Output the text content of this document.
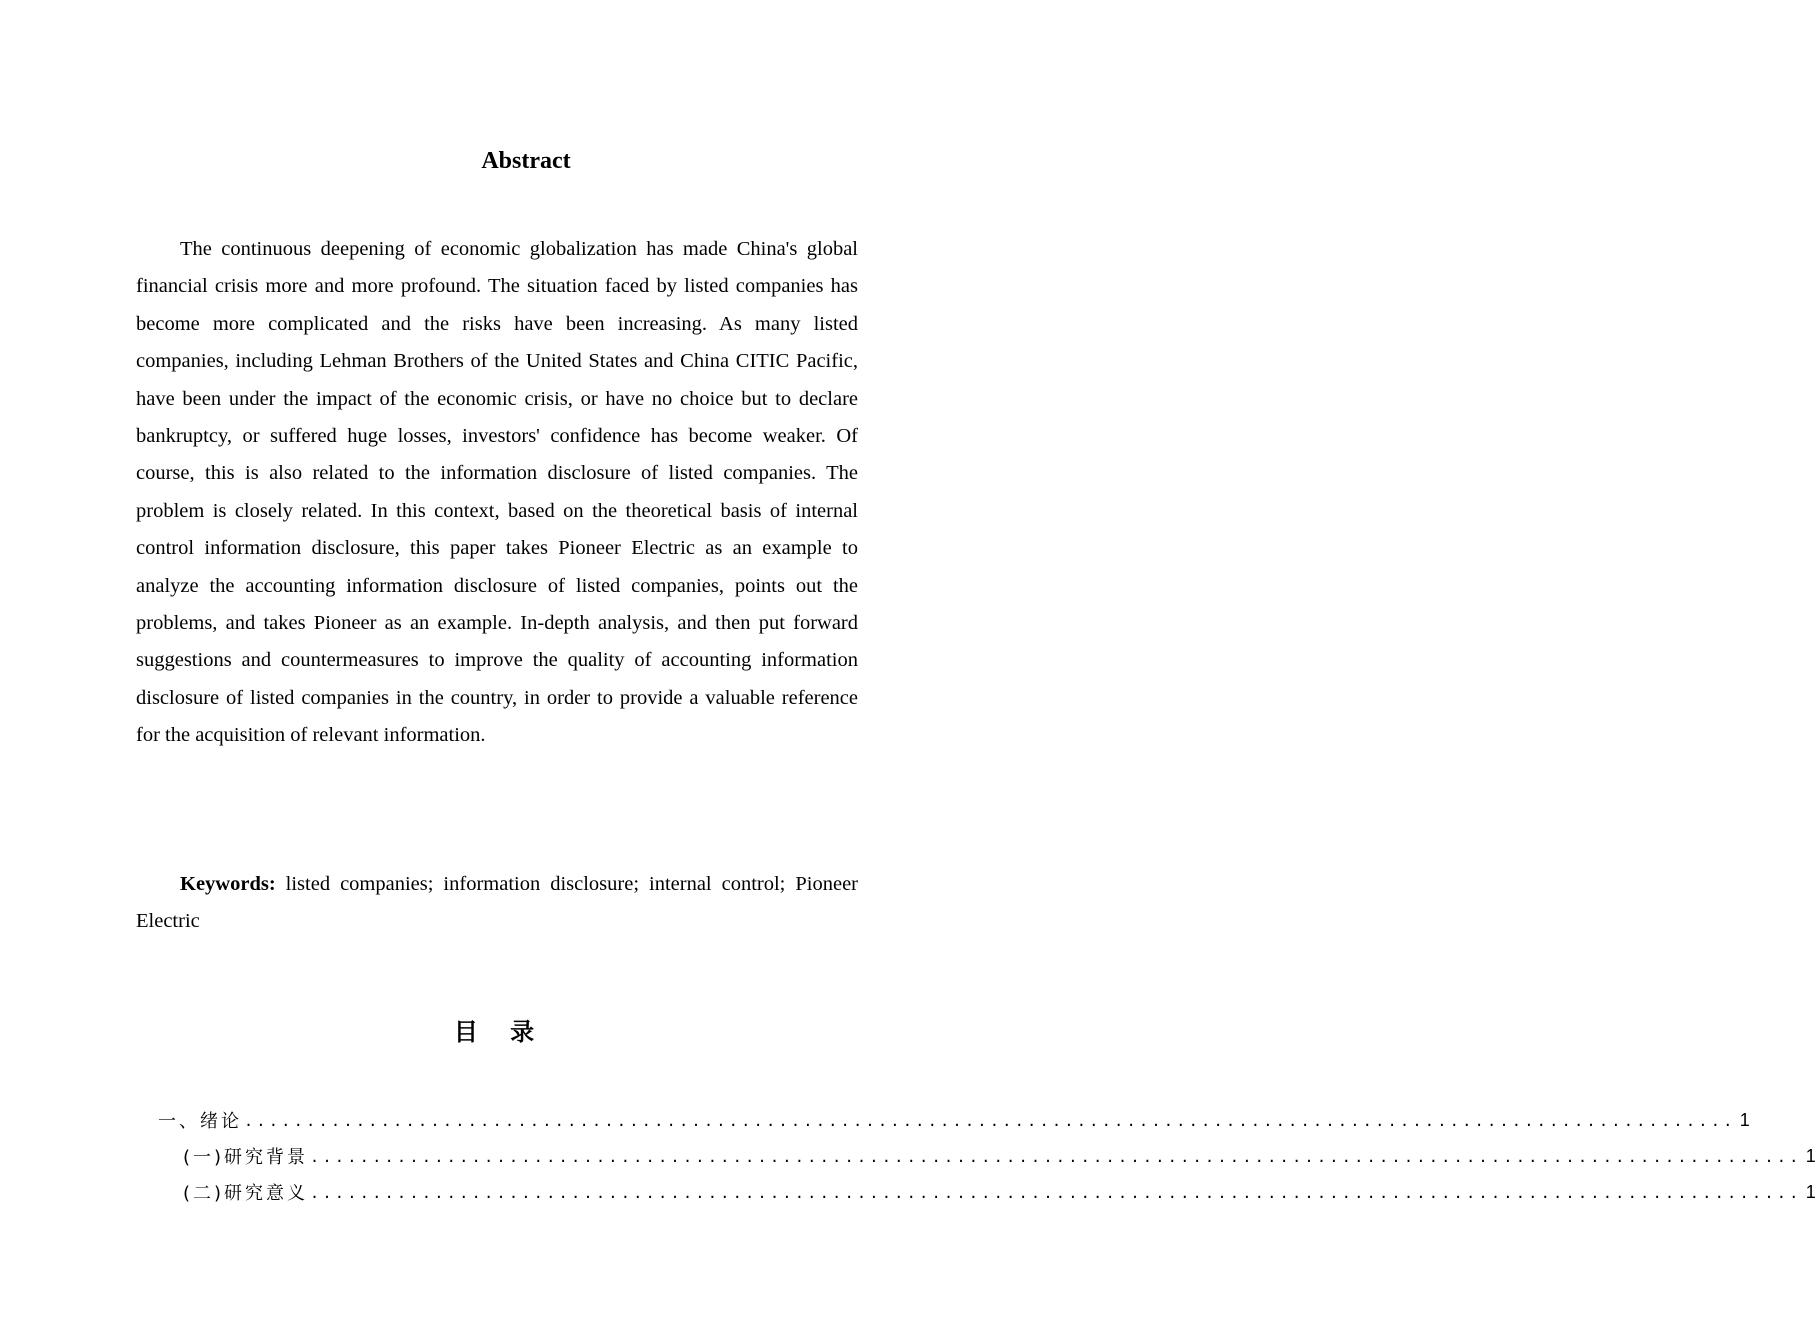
Abstract

The continuous deepening of economic globalization has made China's global financial crisis more and more profound. The situation faced by listed companies has become more complicated and the risks have been increasing. As many listed companies, including Lehman Brothers of the United States and China CITIC Pacific, have been under the impact of the economic crisis, or have no choice but to declare bankruptcy, or suffered huge losses, investors' confidence has become weaker. Of course, this is also related to the information disclosure of listed companies. The problem is closely related. In this context, based on the theoretical basis of internal control information disclosure, this paper takes Pioneer Electric as an example to analyze the accounting information disclosure of listed companies, points out the problems, and takes Pioneer as an example. In-depth analysis, and then put forward suggestions and countermeasures to improve the quality of accounting information disclosure of listed companies in the country, in order to provide a valuable reference for the acquisition of relevant information.

Keywords: listed companies; information disclosure; internal control; Pioneer Electric

目 录
一、绪论 ........................................................................................................................ 1
(一)研究背景 ........................................................................................................................ 1
(二)研究意义 ........................................................................................................................ 1
